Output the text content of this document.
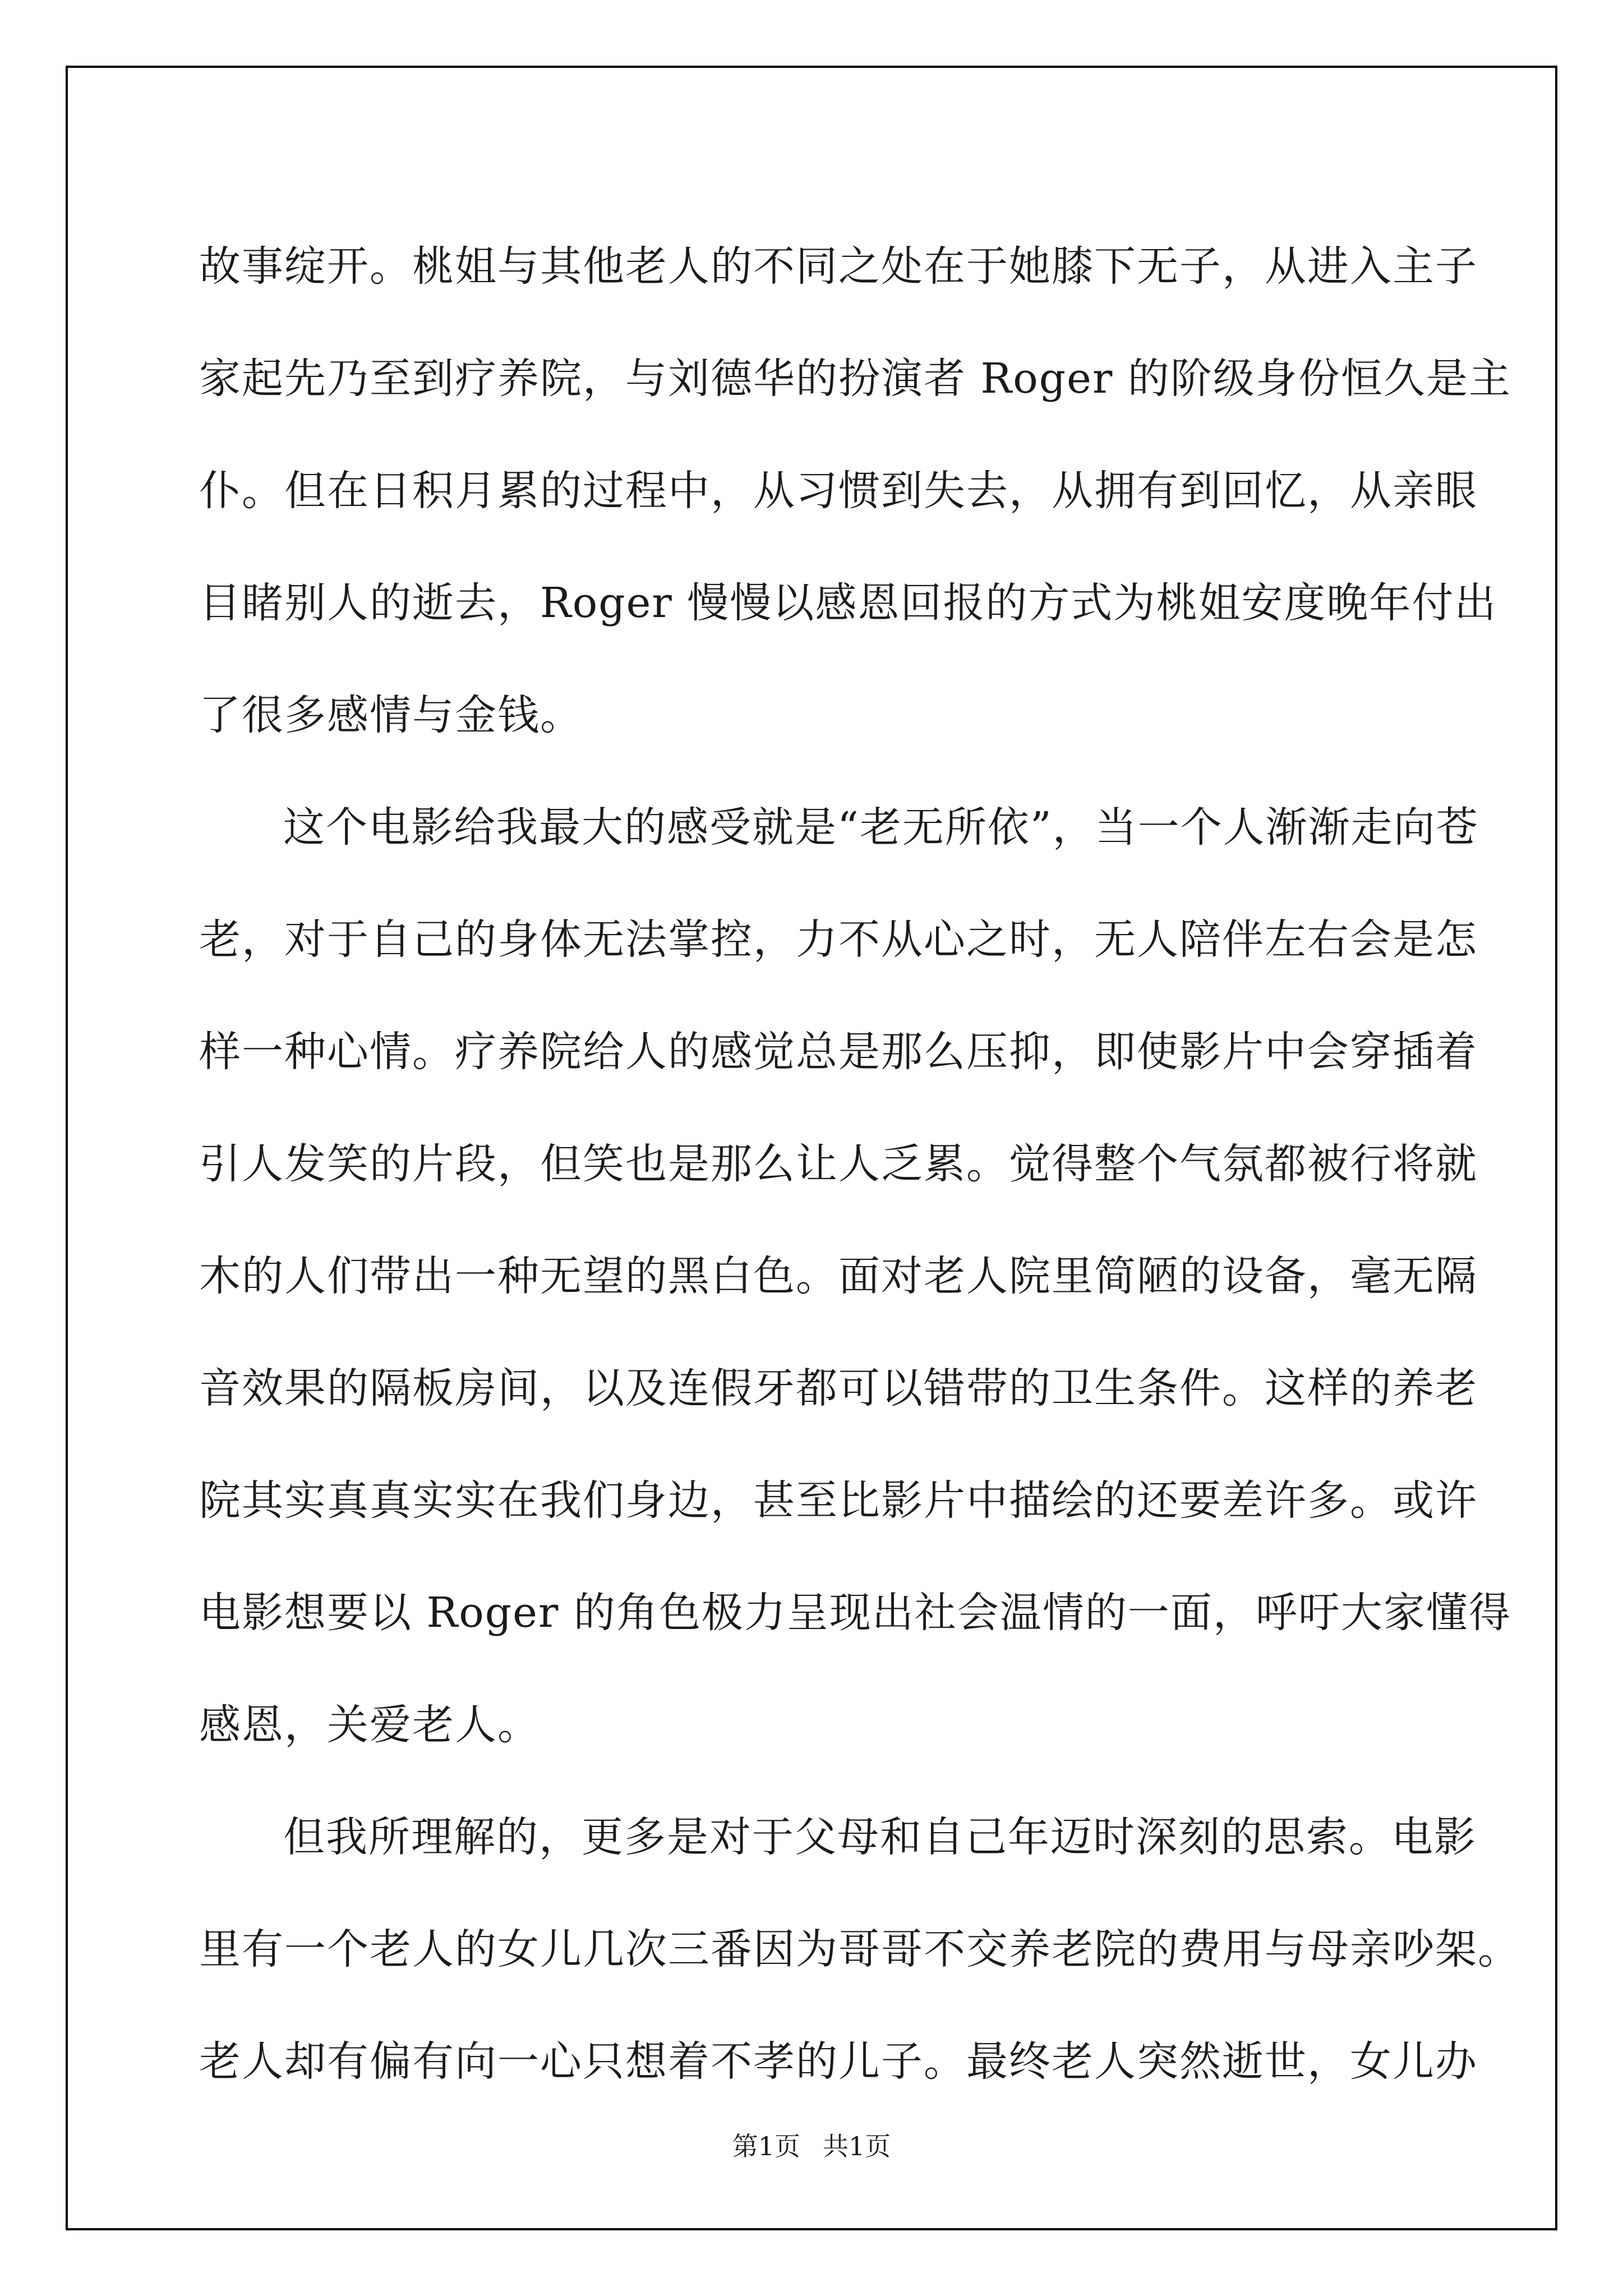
故事绽开。桃姐与其他老人的不同之处在于她膝下无子，从进入主子
家起先乃至到疗养院，与刘德华的扮演者 Roger 的阶级身份恒久是主
仆。但在日积月累的过程中，从习惯到失去，从拥有到回忆，从亲眼
目睹别人的逝去，Roger 慢慢以感恩回报的方式为桃姐安度晚年付出
了很多感情与金钱。
这个电影给我最大的感受就是“老无所依”，当一个人渐渐走向苍
老，对于自己的身体无法掌控，力不从心之时，无人陪伴左右会是怎
样一种心情。疗养院给人的感觉总是那么压抑，即使影片中会穿插着
引人发笑的片段，但笑也是那么让人乏累。觉得整个气氛都被行将就
木的人们带出一种无望的黑白色。面对老人院里简陋的设备，毫无隔
音效果的隔板房间，以及连假牙都可以错带的卫生条件。这样的养老
院其实真真实实在我们身边，甚至比影片中描绘的还要差许多。或许
电影想要以 Roger 的角色极力呈现出社会温情的一面，呼吁大家懂得
感恩，关爱老人。
但我所理解的，更多是对于父母和自己年迈时深刻的思索。电影
里有一个老人的女儿几次三番因为哥哥不交养老院的费用与母亲吵架。
老人却有偏有向一心只想着不孝的儿子。最终老人突然逝世，女儿办
第1页 共1页
